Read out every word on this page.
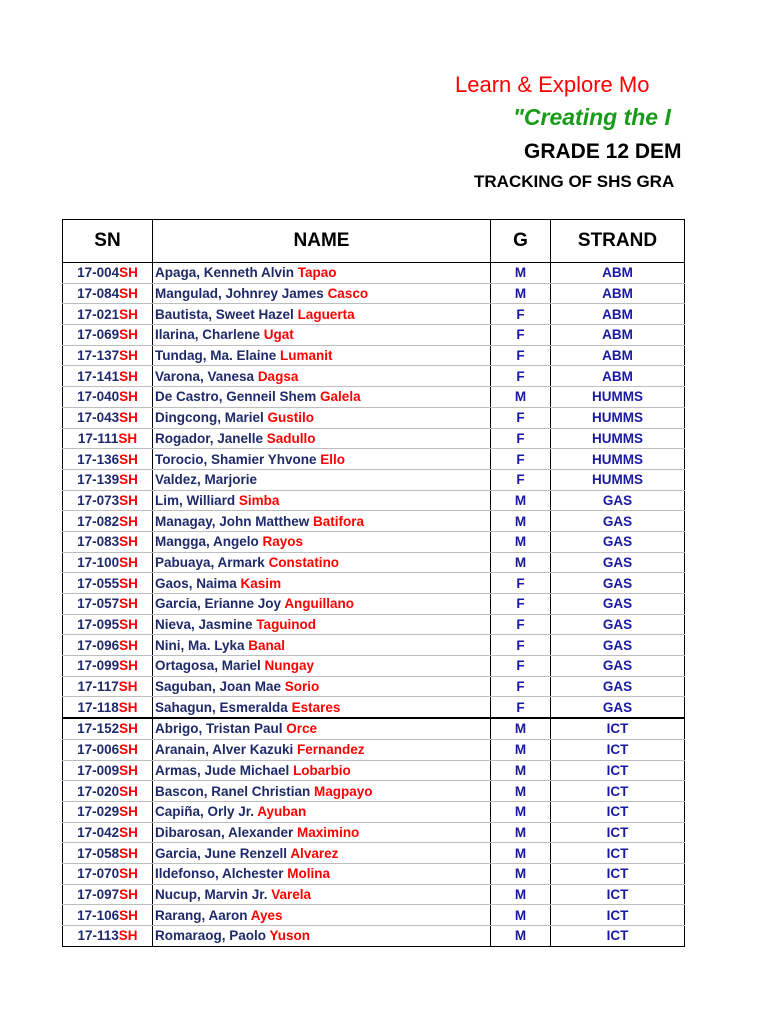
Learn & Explore Mo
"Creating the I
GRADE 12 DEM
TRACKING OF SHS GRA
SN	NAME	G	STRAND
17-004SH	Apaga, Kenneth Alvin Tapao	M	ABM
17-084SH	Mangulad, Johnrey James Casco	M	ABM
17-021SH	Bautista, Sweet Hazel Laguerta	F	ABM
17-069SH	Ilarina, Charlene Ugat	F	ABM
17-137SH	Tundag, Ma. Elaine Lumanit	F	ABM
17-141SH	Varona, Vanesa Dagsa	F	ABM
17-040SH	De Castro, Genneil Shem Galela	M	HUMMS
17-043SH	Dingcong, Mariel Gustilo	F	HUMMS
17-111SH	Rogador, Janelle Sadullo	F	HUMMS
17-136SH	Torocio, Shamier Yhvone Ello	F	HUMMS
17-139SH	Valdez, Marjorie	F	HUMMS
17-073SH	Lim, Williard Simba	M	GAS
17-082SH	Managay, John Matthew Batifora	M	GAS
17-083SH	Mangga, Angelo Rayos	M	GAS
17-100SH	Pabuaya, Armark Constatino	M	GAS
17-055SH	Gaos, Naima Kasim	F	GAS
17-057SH	Garcia, Erianne Joy Anguillano	F	GAS
17-095SH	Nieva, Jasmine Taguinod	F	GAS
17-096SH	Nini, Ma. Lyka Banal	F	GAS
17-099SH	Ortagosa, Mariel Nungay	F	GAS
17-117SH	Saguban, Joan Mae Sorio	F	GAS
17-118SH	Sahagun, Esmeralda Estares	F	GAS
17-152SH	Abrigo, Tristan Paul Orce	M	ICT
17-006SH	Aranain, Alver Kazuki Fernandez	M	ICT
17-009SH	Armas, Jude Michael Lobarbio	M	ICT
17-020SH	Bascon, Ranel Christian Magpayo	M	ICT
17-029SH	Capiña, Orly Jr. Ayuban	M	ICT
17-042SH	Dibarosan, Alexander Maximino	M	ICT
17-058SH	Garcia, June Renzell Alvarez	M	ICT
17-070SH	Ildefonso, Alchester Molina	M	ICT
17-097SH	Nucup, Marvin Jr. Varela	M	ICT
17-106SH	Rarang, Aaron Ayes	M	ICT
17-113SH	Romaraog, Paolo Yuson	M	ICT
